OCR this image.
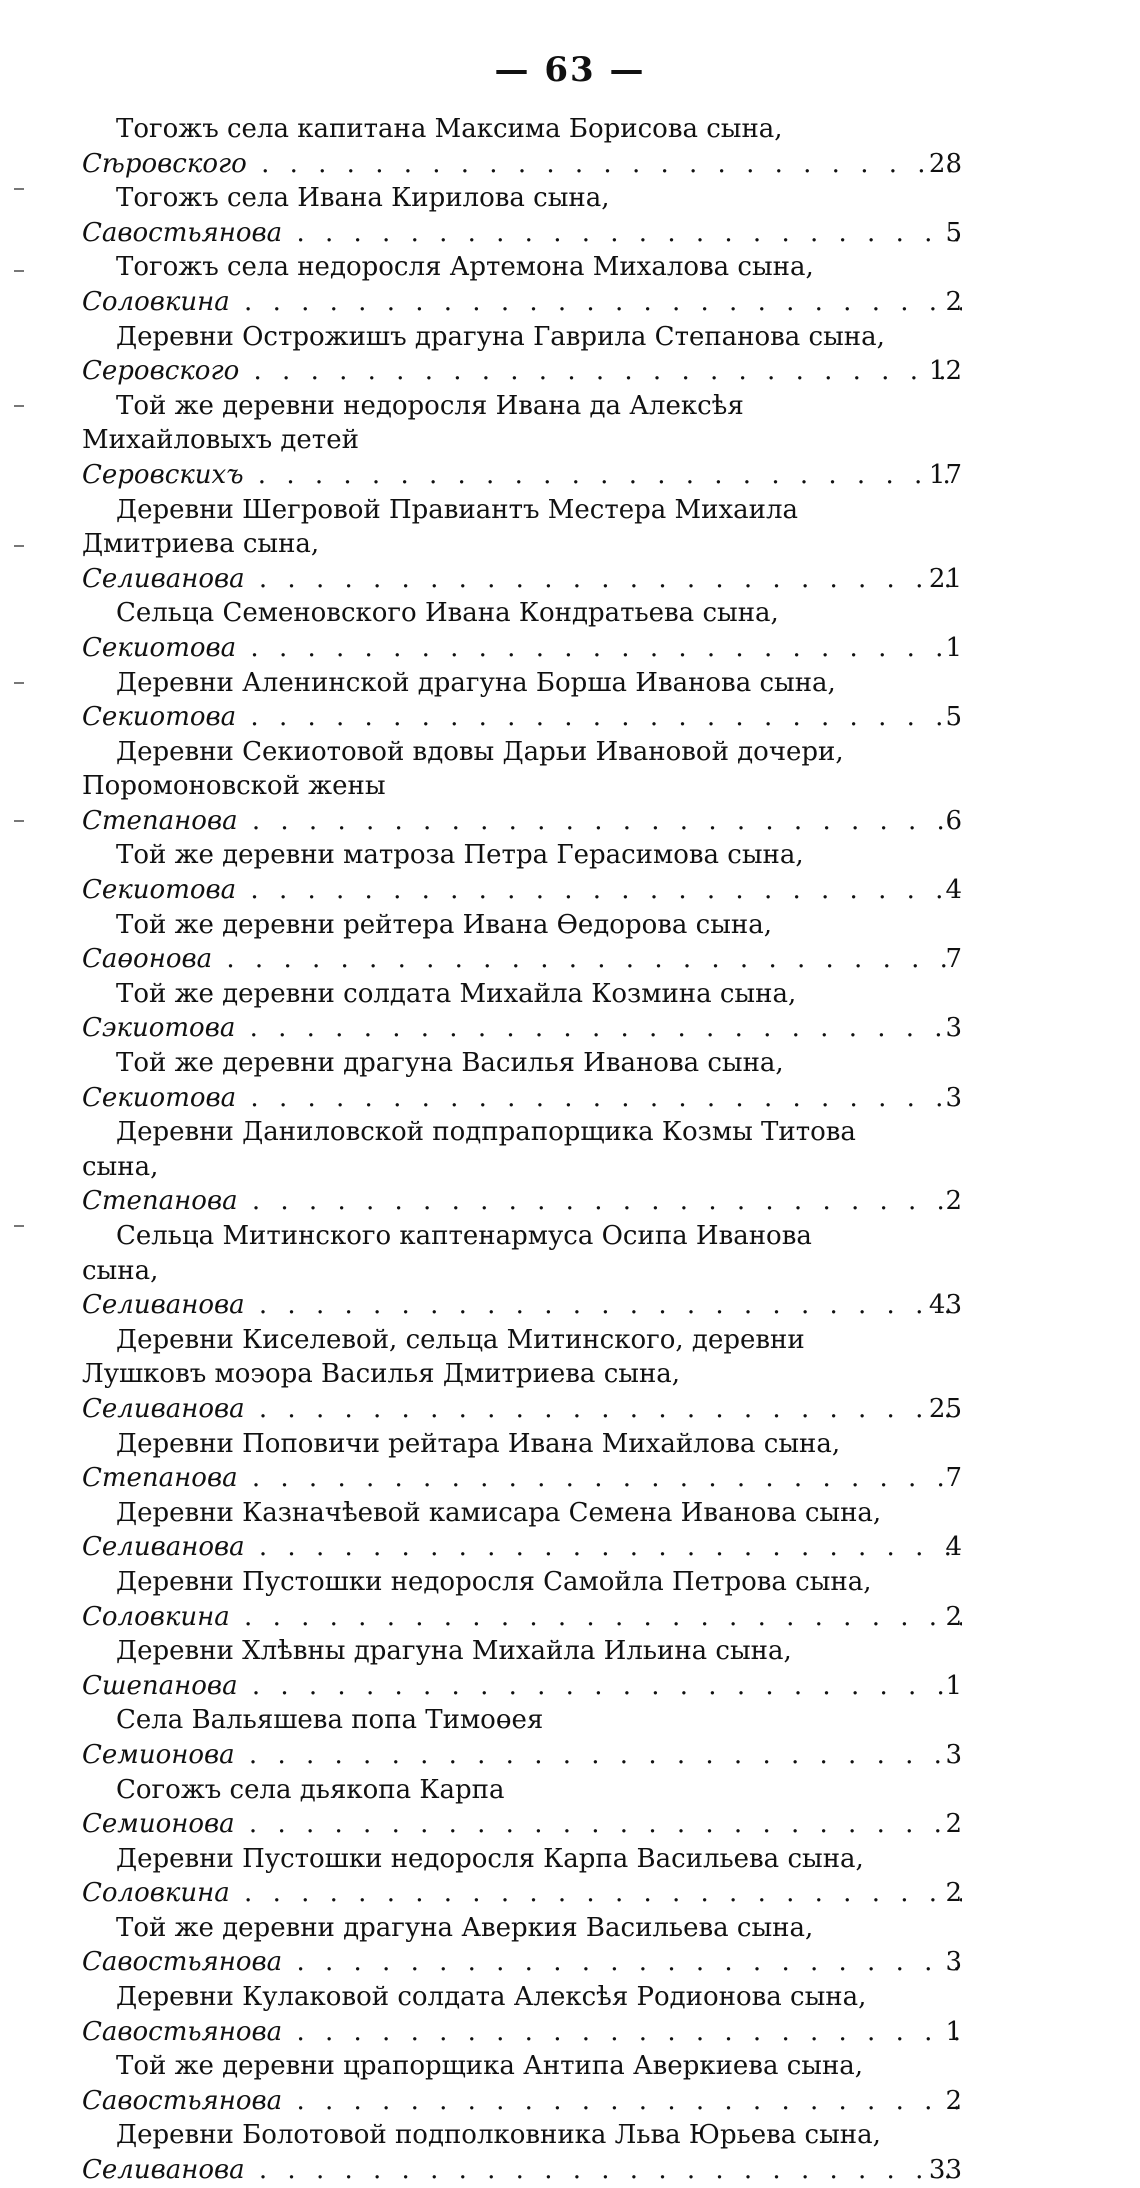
— 63 —
Тогожъ села капитана Максима Борисова сына, Сѣровского . . .	28
Тогожъ села Ивана Кирилова сына, Савостьянова . . .	5
Тогожъ села недоросля Артемона Михалова сына, Соловкина . . .	2
Деревни Острожишъ драгуна Гаврила Степанова сына, Серовского . . .	12
Той же деревни недоросля Ивана да Алексѣя Михайловыхъ детей Серовскихъ . . .	17
Деревни Шегровой Правиантъ Местера Михаила Дмитриева сына, Селиванова . . .	21
Сельца Семеновского Ивана Кондратьева сына, Секиотова . . .	1
Деревни Аленинской драгуна Борша Иванова сына, Секиотова . . .	5
Деревни Секиотовой вдовы Дарьи Ивановой дочери, Поромоновской жены Степанова . . .	6
Той же деревни матроза Петра Герасимова сына, Секиотова . . .	4
Той же деревни рейтера Ивана Өедорова сына, Саөонова . . .	7
Той же деревни солдата Михайла Козмина сына, Сэкиотова . . .	3
Той же деревни драгуна Василья Иванова сына, Секиотова . . .	3
Деревни Даниловской подпрапорщика Козмы Титова сына, Степанова . . .	2
Сельца Митинского каптенармуса Осипа Иванова сына, Селиванова . . .	43
Деревни Киселевой, сельца Митинского, деревни Лушковъ моэора Василья Дмитриева сына, Селиванова . . .	25
Деревни Поповичи рейтара Ивана Михайлова сына, Степанова . . .	7
Деревни Казначѣевой камисара Семена Иванова сына, Селиванова . . .	4
Деревни Пустошки недоросля Самойла Петрова сына, Соловкина . . .	2
Деревни Хлѣвны драгуна Михайла Ильина сына, Сшепанова . . .	1
Села Вальяшева попа Тимоөея Семионова . . .	3
Согожъ села дьякопа Карпа Семионова . . .	2
Деревни Пустошки недоросля Карпа Васильева сына, Соловкина . . .	2
Той же деревни драгуна Аверкия Васильева сына, Савостьянова . . .	3
Деревни Кулаковой солдата Алексѣя Родионова сына, Савостьянова . . .	1
Той же деревни црапорщика Антипа Аверкиева сына, Савостьянова . . .	2
Деревни Болотовой подполковника Льва Юрьева сына, Селиванова . . .	33
